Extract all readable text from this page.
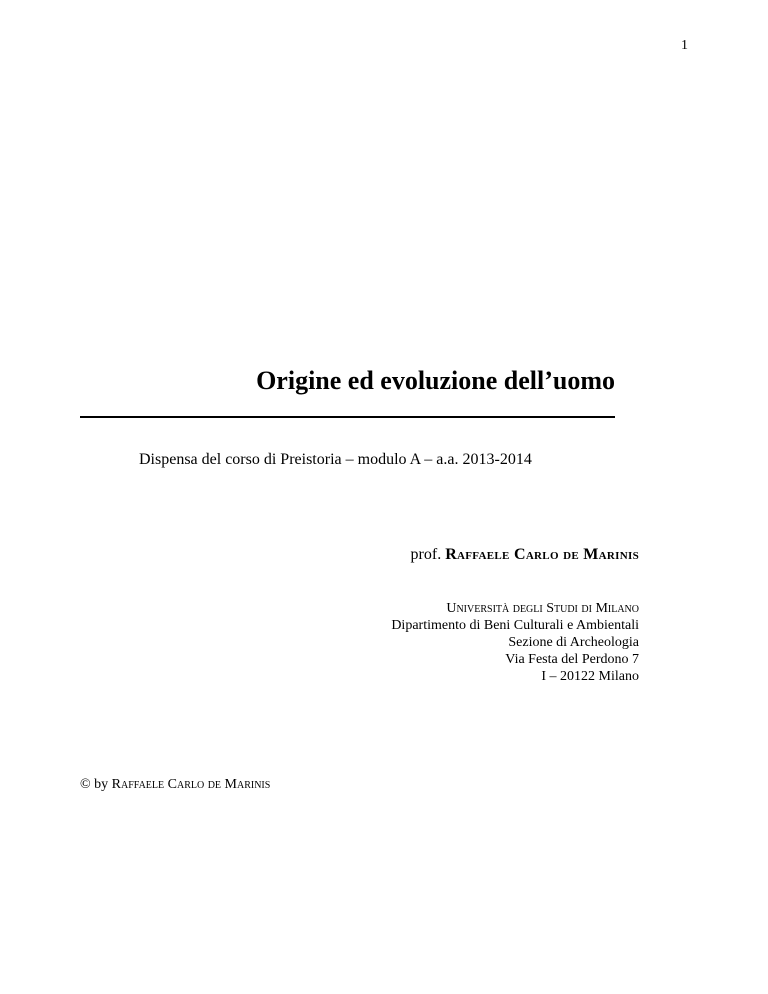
1
Origine ed evoluzione dell’uomo
Dispensa del corso di Preistoria – modulo A – a.a. 2013-2014
prof. Raffaele Carlo de Marinis
Università degli Studi di Milano
Dipartimento di Beni Culturali e Ambientali
Sezione di Archeologia
Via Festa del Perdono 7
I – 20122 Milano
© by Raffaele Carlo de Marinis
